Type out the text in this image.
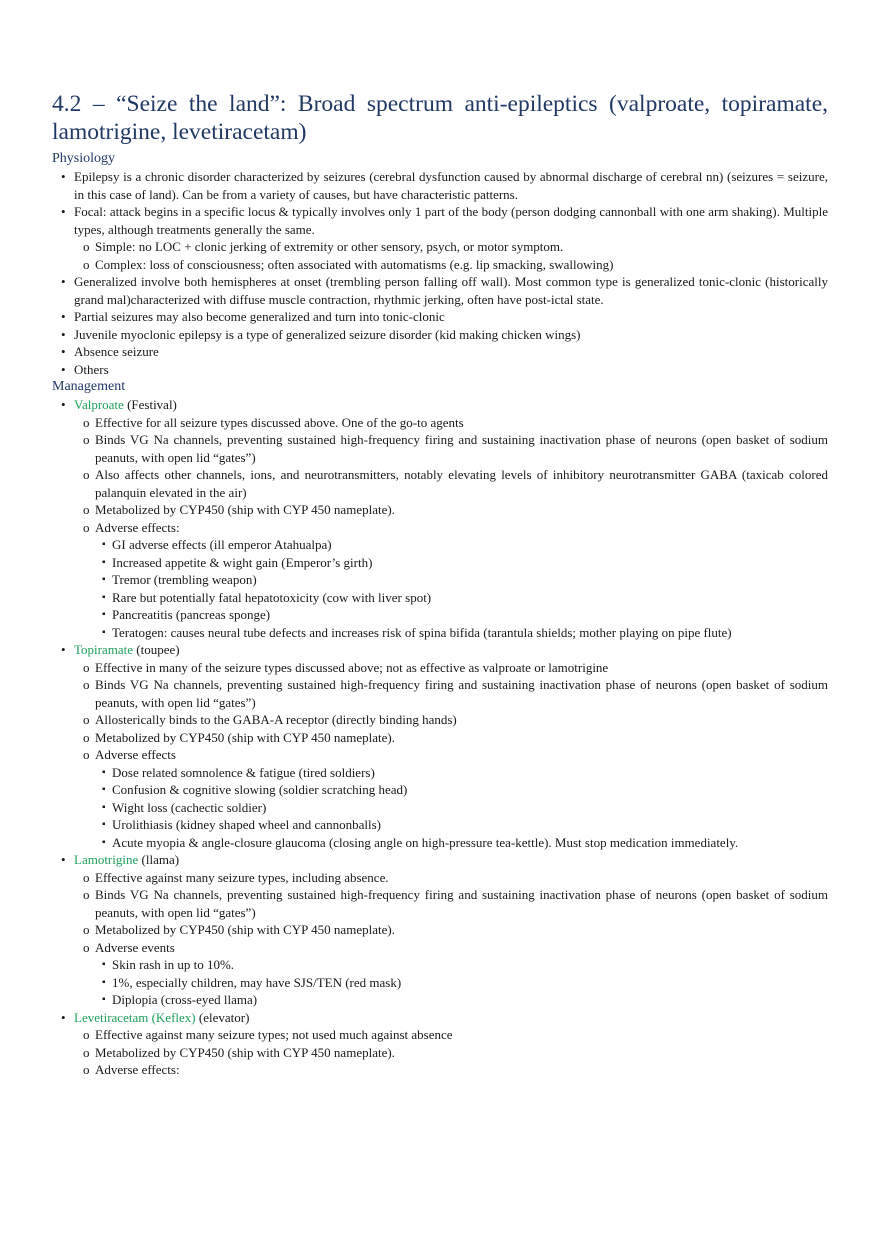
4.2 – “Seize the land”: Broad spectrum anti-epileptics (valproate, topiramate, lamotrigine, levetiracetam)
Physiology
• Epilepsy is a chronic disorder characterized by seizures (cerebral dysfunction caused by abnormal discharge of cerebral nn) (seizures = seizure, in this case of land). Can be from a variety of causes, but have characteristic patterns.
• Focal: attack begins in a specific locus & typically involves only 1 part of the body (person dodging cannonball with one arm shaking). Multiple types, although treatments generally the same.
o Simple: no LOC + clonic jerking of extremity or other sensory, psych, or motor symptom.
o Complex: loss of consciousness; often associated with automatisms (e.g. lip smacking, swallowing)
• Generalized involve both hemispheres at onset (trembling person falling off wall). Most common type is generalized tonic-clonic (historically grand mal)characterized with diffuse muscle contraction, rhythmic jerking, often have post-ictal state.
• Partial seizures may also become generalized and turn into tonic-clonic
• Juvenile myoclonic epilepsy is a type of generalized seizure disorder (kid making chicken wings)
• Absence seizure
• Others
Management
• Valproate (Festival)
o Effective for all seizure types discussed above. One of the go-to agents
o Binds VG Na channels, preventing sustained high-frequency firing and sustaining inactivation phase of neurons (open basket of sodium peanuts, with open lid “gates”)
o Also affects other channels, ions, and neurotransmitters, notably elevating levels of inhibitory neurotransmitter GABA (taxicab colored palanquin elevated in the air)
o Metabolized by CYP450 (ship with CYP 450 nameplate).
o Adverse effects:
▪ GI adverse effects (ill emperor Atahualpa)
▪ Increased appetite & wight gain (Emperor’s girth)
▪ Tremor (trembling weapon)
▪ Rare but potentially fatal hepatotoxicity (cow with liver spot)
▪ Pancreatitis (pancreas sponge)
▪ Teratogen: causes neural tube defects and increases risk of spina bifida (tarantula shields; mother playing on pipe flute)
• Topiramate (toupee)
o Effective in many of the seizure types discussed above; not as effective as valproate or lamotrigine
o Binds VG Na channels, preventing sustained high-frequency firing and sustaining inactivation phase of neurons (open basket of sodium peanuts, with open lid “gates”)
o Allosterically binds to the GABA-A receptor (directly binding hands)
o Metabolized by CYP450 (ship with CYP 450 nameplate).
o Adverse effects
▪ Dose related somnolence & fatigue (tired soldiers)
▪ Confusion & cognitive slowing (soldier scratching head)
▪ Wight loss (cachectic soldier)
▪ Urolithiasis (kidney shaped wheel and cannonballs)
▪ Acute myopia & angle-closure glaucoma (closing angle on high-pressure tea-kettle). Must stop medication immediately.
• Lamotrigine (llama)
o Effective against many seizure types, including absence.
o Binds VG Na channels, preventing sustained high-frequency firing and sustaining inactivation phase of neurons (open basket of sodium peanuts, with open lid “gates”)
o Metabolized by CYP450 (ship with CYP 450 nameplate).
o Adverse events
▪ Skin rash in up to 10%.
▪ 1%, especially children, may have SJS/TEN (red mask)
▪ Diplopia (cross-eyed llama)
• Levetiracetam (Keflex) (elevator)
o Effective against many seizure types; not used much against absence
o Metabolized by CYP450 (ship with CYP 450 nameplate).
o Adverse effects:
